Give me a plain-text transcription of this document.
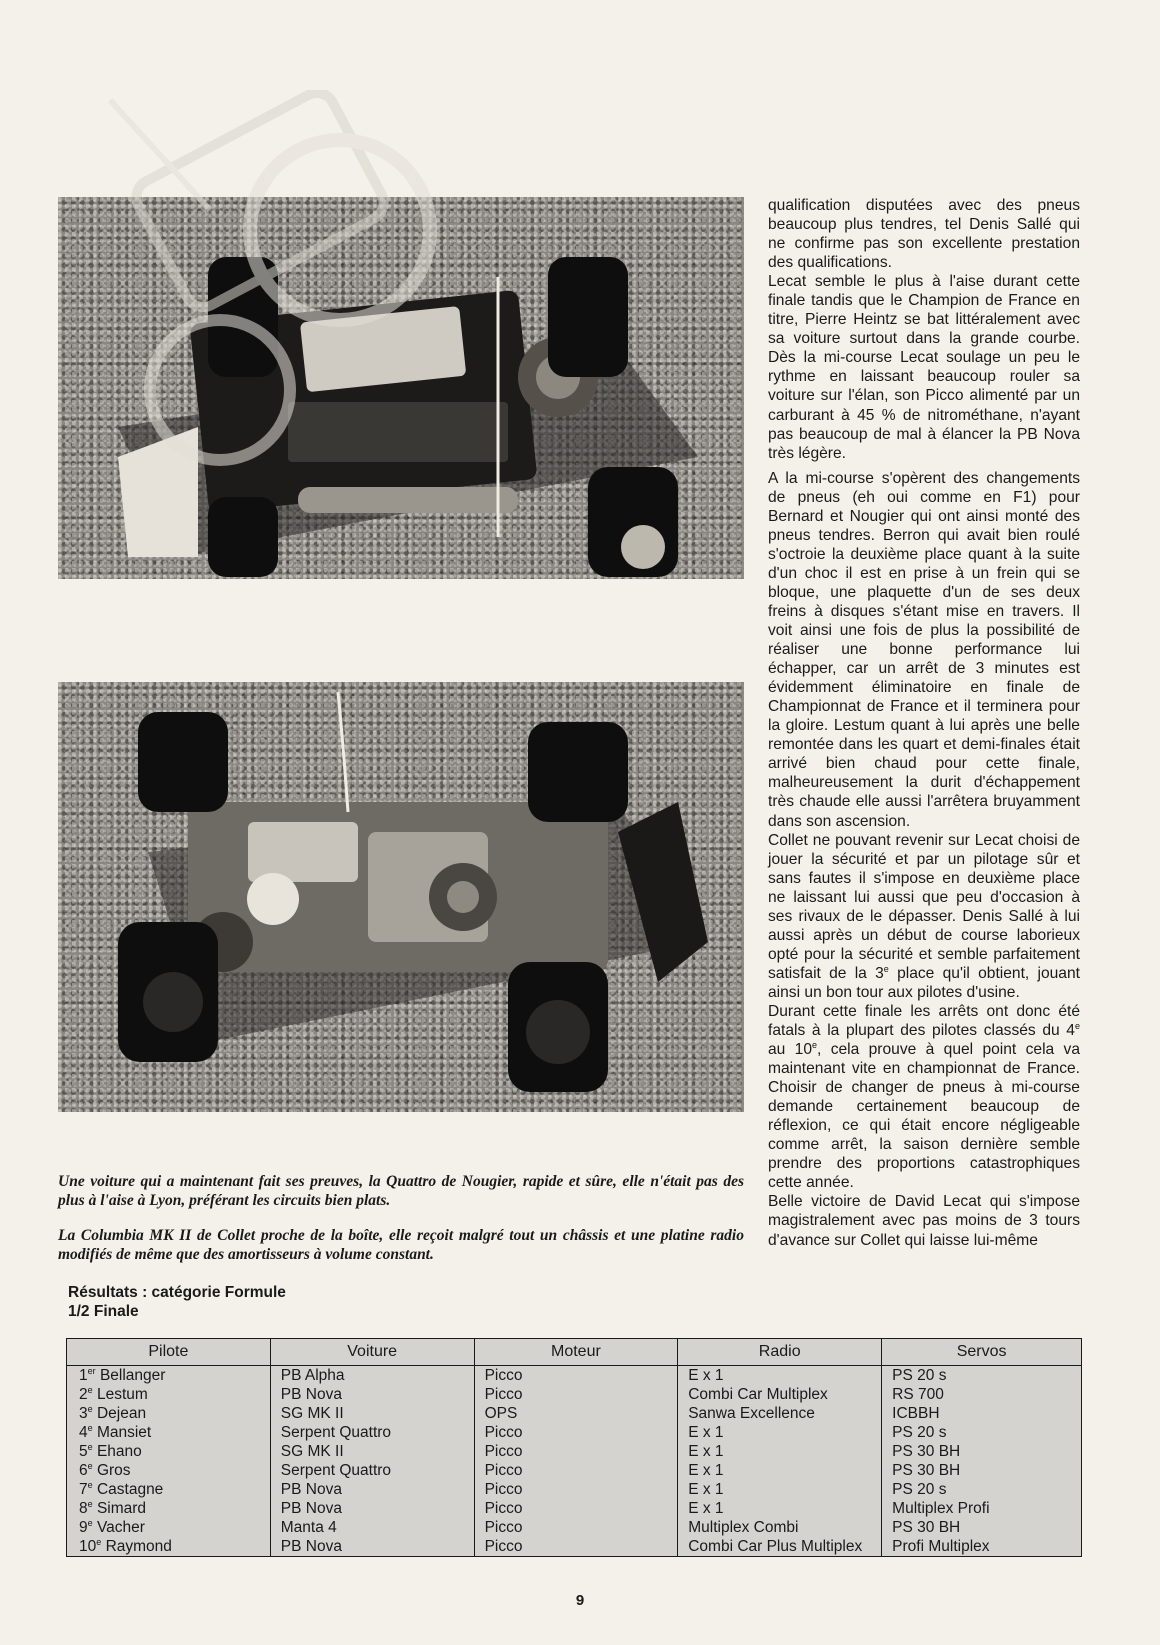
qualification disputées avec des pneus beaucoup plus tendres, tel Denis Sallé qui ne confirme pas son excellente prestation des qualifications.

Lecat semble le plus à l'aise durant cette finale tandis que le Champion de France en titre, Pierre Heintz se bat littéralement avec sa voiture surtout dans la grande courbe. Dès la mi-course Lecat soulage un peu le rythme en laissant beaucoup rouler sa voiture sur l'élan, son Picco alimenté par un carburant à 45 % de nitrométhane, n'ayant pas beaucoup de mal à élancer la PB Nova très légère.

A la mi-course s'opèrent des changements de pneus (eh oui comme en F1) pour Bernard et Nougier qui ont ainsi monté des pneus tendres. Berron qui avait bien roulé s'octroie la deuxième place quant à la suite d'un choc il est en prise à un frein qui se bloque, une plaquette d'un de ses deux freins à disques s'étant mise en travers. Il voit ainsi une fois de plus la possibilité de réaliser une bonne performance lui échapper, car un arrêt de 3 minutes est évidemment éliminatoire en finale de Championnat de France et il terminera pour la gloire. Lestum quant à lui après une belle remontée dans les quart et demi-finales était arrivé bien chaud pour cette finale, malheureusement la durit d'échappement très chaude elle aussi l'arrêtera bruyamment dans son ascension.

Collet ne pouvant revenir sur Lecat choisi de jouer la sécurité et par un pilotage sûr et sans fautes il s'impose en deuxième place ne laissant lui aussi que peu d'occasion à ses rivaux de le dépasser. Denis Sallé à lui aussi après un début de course laborieux opté pour la sécurité et semble parfaitement satisfait de la 3e place qu'il obtient, jouant ainsi un bon tour aux pilotes d'usine.

Durant cette finale les arrêts ont donc été fatals à la plupart des pilotes classés du 4e au 10e, cela prouve à quel point cela va maintenant vite en championnat de France. Choisir de changer de pneus à mi-course demande certainement beaucoup de réflexion, ce qui était encore négligeable comme arrêt, la saison dernière semble prendre des proportions catastrophiques cette année.

Belle victoire de David Lecat qui s'impose magistralement avec pas moins de 3 tours d'avance sur Collet qui laisse lui-même

Une voiture qui a maintenant fait ses preuves, la Quattro de Nougier, rapide et sûre, elle n'était pas des plus à l'aise à Lyon, préférant les circuits bien plats.
La Columbia MK II de Collet proche de la boîte, elle reçoit malgré tout un châssis et une platine radio modifiés de même que des amortisseurs à volume constant.
Résultats : catégorie Formule
1/2 Finale
Pilote	Voiture	Moteur	Radio	Servos
1er Bellanger	PB Alpha	Picco	E x 1	PS 20 s
2e Lestum	PB Nova	Picco	Combi Car Multiplex	RS 700
3e Dejean	SG MK II	OPS	Sanwa Excellence	ICBBH
4e Mansiet	Serpent Quattro	Picco	E x 1	PS 20 s
5e Ehano	SG MK II	Picco	E x 1	PS 30 BH
6e Gros	Serpent Quattro	Picco	E x 1	PS 30 BH
7e Castagne	PB Nova	Picco	E x 1	PS 20 s
8e Simard	PB Nova	Picco	E x 1	Multiplex Profi
9e Vacher	Manta 4	Picco	Multiplex Combi	PS 30 BH
10e Raymond	PB Nova	Picco	Combi Car Plus Multiplex	Profi Multiplex
9
